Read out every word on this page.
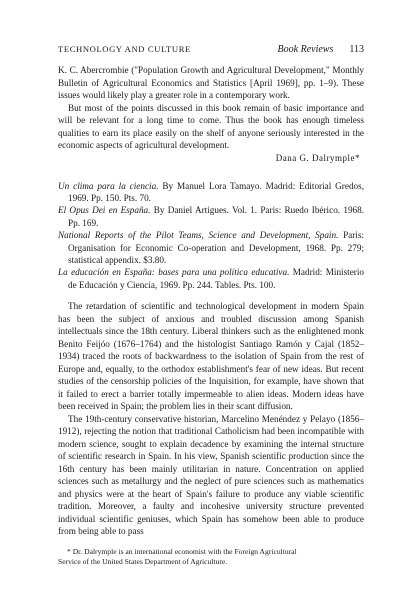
TECHNOLOGY AND CULTURE	Book Reviews 113

K. C. Abercrombie ("Population Growth and Agricultural Development," Monthly Bulletin of Agricultural Economics and Statistics [April 1969], pp. 1–9). These issues would likely play a greater role in a contemporary work.

But most of the points discussed in this book remain of basic importance and will be relevant for a long time to come. Thus the book has enough timeless qualities to earn its place easily on the shelf of anyone seriously interested in the economic aspects of agricultural development.

Dana G. Dalrymple*
Un clima para la ciencia. By Manuel Lora Tamayo. Madrid: Editorial Gredos, 1969. Pp. 150. Pts. 70.
El Opus Dei en España. By Daniel Artigues. Vol. 1. Paris: Ruedo Ibérico. 1968. Pp. 169.
National Reports of the Pilot Teams, Science and Development, Spain. Paris: Organisation for Economic Co-operation and Development, 1968. Pp. 279; statistical appendix. $3.80.
La educación en España: bases para una política educativa. Madrid: Ministerio de Educación y Ciencia, 1969. Pp. 244. Tables. Pts. 100.

The retardation of scientific and technological development in modern Spain has been the subject of anxious and troubled discussion among Spanish intellectuals since the 18th century. Liberal thinkers such as the enlightened monk Benito Feijóo (1676–1764) and the histologist Santiago Ramón y Cajal (1852–1934) traced the roots of backwardness to the isolation of Spain from the rest of Europe and, equally, to the orthodox establishment's fear of new ideas. But recent studies of the censorship policies of the Inquisition, for example, have shown that it failed to erect a barrier totally impermeable to alien ideas. Modern ideas have been received in Spain; the problem lies in their scant diffusion.

The 19th-century conservative historian, Marcelino Menéndez y Pelayo (1856–1912), rejecting the notion that traditional Catholicism had been incompatible with modern science, sought to explain decadence by examining the internal structure of scientific research in Spain. In his view, Spanish scientific production since the 16th century has been mainly utilitarian in nature. Concentration on applied sciences such as metallurgy and the neglect of pure sciences such as mathematics and physics were at the heart of Spain's failure to produce any viable scientific tradition. Moreover, a faulty and incohesive university structure prevented individual scientific geniuses, which Spain has somehow been able to produce from being able to pass

* Dr. Dalrymple is an international economist with the Foreign Agricultural
Service of the United States Department of Agriculture.
